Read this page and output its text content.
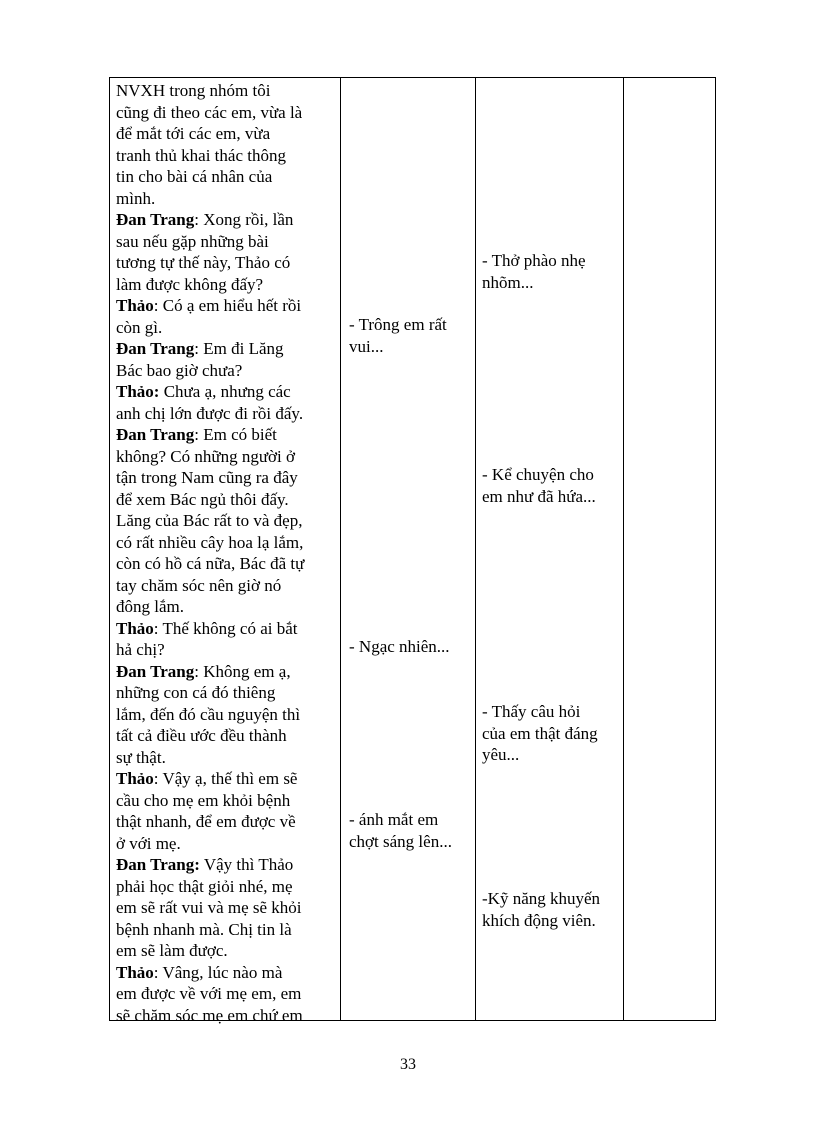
NVXH trong nhóm tôi
cũng đi theo các em, vừa là
để mắt tới các em, vừa
tranh thủ khai thác thông
tin cho bài cá nhân của
mình.
Đan Trang: Xong rồi, lần
sau nếu gặp những bài
tương tự thế này, Thảo có
làm được không đấy?
Thảo: Có ạ em hiểu hết rồi
còn gì.
Đan Trang: Em đi Lăng
Bác bao giờ chưa?
Thảo: Chưa ạ, nhưng các
anh chị lớn được đi rồi đấy.
Đan Trang: Em có biết
không? Có những người ở
tận trong Nam cũng ra đây
để xem Bác ngủ thôi đấy.
Lăng của Bác rất to và đẹp,
có rất nhiều cây hoa lạ lắm,
còn có hồ cá nữa, Bác đã tự
tay chăm sóc nên giờ nó
đông lắm.
Thảo: Thế không có ai bắt
hả chị?
Đan Trang: Không em ạ,
những con cá đó thiêng
lắm, đến đó cầu nguyện thì
tất cả điều ước đều thành
sự thật.
Thảo: Vậy ạ, thế thì em sẽ
cầu cho mẹ em khỏi bệnh
thật nhanh, để em được về
ở với mẹ.
Đan Trang: Vậy thì Thảo
phải học thật giỏi nhé, mẹ
em sẽ rất vui và mẹ sẽ khỏi
bệnh nhanh mà. Chị tin là
em sẽ làm được.
Thảo: Vâng, lúc nào mà
em được về với mẹ em, em
sẽ chăm sóc mẹ em chứ em
- Trông em rất
vui...
- Ngạc nhiên...
- ánh mắt em
chợt sáng lên...
- Thở phào nhẹ
nhõm...
- Kể chuyện cho
em như đã hứa...
- Thấy câu hỏi
của em thật đáng
yêu...
-Kỹ năng khuyến
khích động viên.
33
